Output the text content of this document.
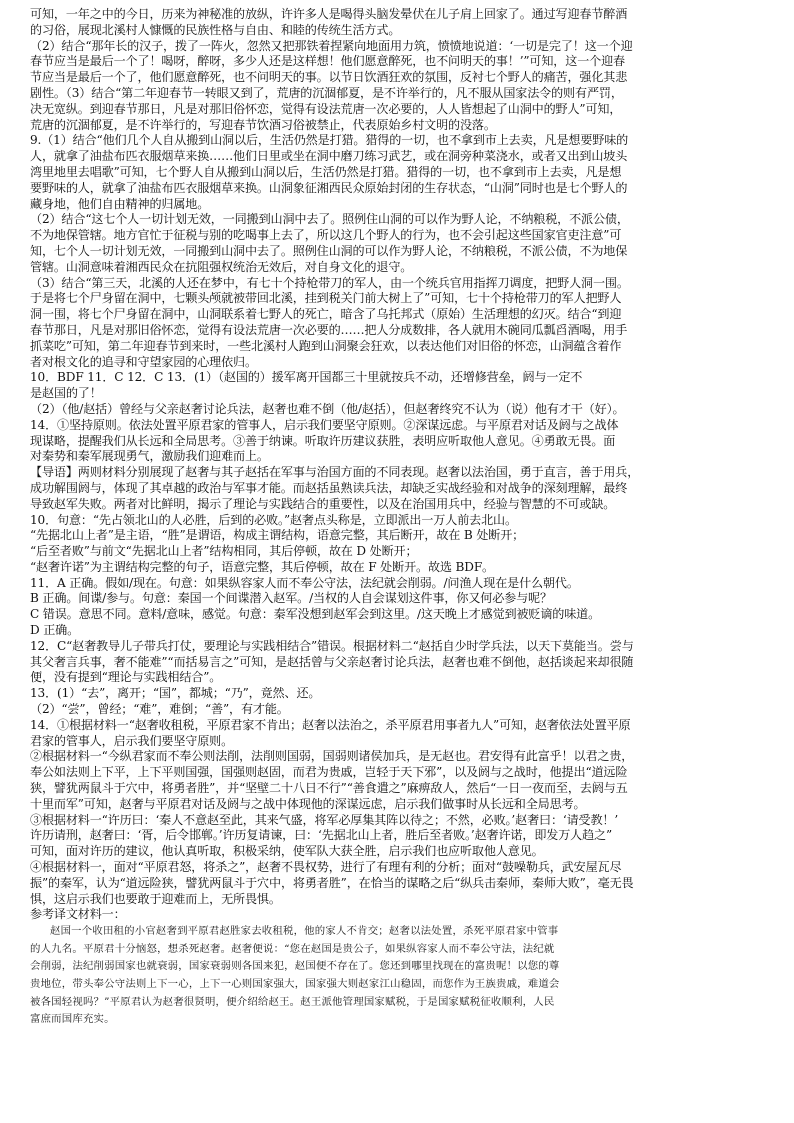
可知，一年之中的今日，历来为神秘准的放纵，许许多人是喝得头脑发晕伏在儿子肩上回家了。通过写迎春节醉酒
的习俗，展现北溪村人慷慨的民族性格与自由、和睦的传统生活方式。
（2）结合“那年长的汉子，拨了一阵火，忽然又把那铁着捏紧向地面用力筑，愤愤地说道：‘一切是完了！这一个迎
春节应当是最后一个了！喝呀，醉呀，多少人还是这样想！他们愿意醉死，也不问明天的事！’”可知，这一个迎春
节应当是最后一个了，他们愿意醉死，也不问明天的事。以节日饮酒狂欢的氛围，反衬七个野人的痛苦，强化其悲
剧性。（3）结合“第二年迎春节一转眼又到了，荒唐的沉涸郁夏，是不许举行的，凡不服从国家法令的则有严罚，
决无宽纵。到迎春节那日，凡是对那旧俗怀恋，觉得有设法荒唐一次必要的，人人皆想起了山洞中的野人”可知，
荒唐的沉涸郁夏，是不许举行的，写迎春节饮酒习俗被禁止，代表原始乡村文明的没落。
9.（1）结合“他们几个人自从搬到山洞以后，生活仍然是打猎。猎得的一切，也不拿到市上去卖，凡是想要野味的
人，就拿了油盐布匹衣服烟草来换……他们日里或坐在洞中磨刀练习武艺，或在洞旁种菜浇水，或者又出到山坡头
湾里地里去唱歌”可知，七个野人自从搬到山洞以后，生活仍然是打猎。猎得的一切，也不拿到市上去卖，凡是想
要野味的人，就拿了油盐布匹衣服烟草来换。山洞象征湘西民众原始封闭的生存状态，“山洞”同时也是七个野人的
藏身地，他们自由精神的归属地。
（2）结合“这七个人一切计划无效，一同搬到山洞中去了。照例住山洞的可以作为野人论，不纳粮税，不派公债，
不为地保管辖。地方官忙于征税与别的吃喝事上去了，所以这几个野人的行为，也不会引起这些国家官吏注意”可
知，七个人一切计划无效，一同搬到山洞中去了。照例住山洞的可以作为野人论，不纳粮税，不派公债，不为地保
管辖。山洞意味着湘西民众在抗阻强权统治无效后，对自身文化的退守。
（3）结合“第三天，北溪的人还在梦中，有七十个持枪带刀的军人，由一个统兵官用指挥刀调度，把野人洞一围。
于是将七个尸身留在洞中，七颗头颅就被带回北溪，挂到税关门前大树上了”可知，七十个持枪带刀的军人把野人
洞一围，将七个尸身留在洞中，山洞联系着七野人的死亡，暗含了乌托邦式（原始）生活理想的幻灭。结合“到迎
春节那日，凡是对那旧俗怀恋，觉得有设法荒唐一次必要的……把人分成数排，各人就用木碗同瓜瓢舀酒喝，用手
抓菜吃”可知，第二年迎春节到来时，一些北溪村人跑到山洞聚会狂欢，以表达他们对旧俗的怀恋，山洞蕴含着作
者对根文化的追寻和守望家园的心理依归。
10．BDF 11．C 12．C 13．(1）（赵国的）援军离开国都三十里就按兵不动，还增修营垒，阏与一定不
是赵国的了！
（2）（他/赵括）曾经与父亲赵奢讨论兵法，赵奢也难不倒（他/赵括），但赵奢终究不认为（说）他有才干（好）。
14．①坚持原则。依法处置平原君家的管事人，启示我们要坚守原则。②深谋远虑。与平原君对话及阏与之战体
现谋略，提醒我们从长远和全局思考。③善于纳谏。听取许历建议获胜，表明应听取他人意见。④勇敢无畏。面
对秦势和秦军展现勇气，激励我们迎难而上。
【导语】两则材料分别展现了赵奢与其子赵括在军事与治国方面的不同表现。赵奢以法治国，勇于直言，善于用兵，
成功解围阏与，体现了其卓越的政治与军事才能。而赵括虽熟读兵法，却缺乏实战经验和对战争的深刻理解，最终
导致赵军失败。两者对比鲜明，揭示了理论与实践结合的重要性，以及在治国用兵中，经验与智慧的不可或缺。
10．句意：“先占领北山的人必胜，后到的必败。”赵奢点头称是，立即派出一万人前去北山。
“先据北山上者”是主语，“胜”是谓语，构成主谓结构，语意完整，其后断开，故在 B 处断开；
“后至者败”与前文“先据北山上者”结构相同，其后停顿，故在 D 处断开；
“赵奢许诺”为主谓结构完整的句子，语意完整，其后停顿，故在 F 处断开。故选 BDF。
11．A 正确。假如/现在。句意：如果纵容家人而不奉公守法，法纪就会削弱。/问渔人现在是什么朝代。
B 正确。间谍/参与。句意：秦国一个间谍潜入赵军。/当权的人自会谋划这件事，你又何必参与呢？
C 错误。意思不同。意料/意味，感觉。句意：秦军没想到赵军会到这里。/这天晚上才感觉到被贬谪的味道。
D 正确。
12．C“赵奢教导儿子带兵打仗，要理论与实践相结合”错误。根据材料二“赵括自少时学兵法，以天下莫能当。尝与
其父奢言兵事，奢不能难”“而括易言之”可知，是赵括曾与父亲赵奢讨论兵法，赵奢也难不倒他，赵括谈起来却很随
便，没有提到“理论与实践相结合”。
13．(1）“去”，离开；“国”，都城；“乃”，竟然、还。
（2）“尝”，曾经；“难”，难倒；“善”，有才能。
14．①根据材料一“赵奢收租税，平原君家不肯出；赵奢以法治之，杀平原君用事者九人”可知，赵奢依法处置平原
君家的管事人，启示我们要坚守原则。
②根据材料一“今纵君家而不奉公则法削，法削则国弱，国弱则诸侯加兵，是无赵也。君安得有此富乎！以君之贵，
奉公如法则上下平，上下平则国强，国强则赵固，而君为贵戚，岂轻于天下邪”，以及阏与之战时，他提出“道远险
狭，譬犹两鼠斗于穴中，将勇者胜”，并“坚壁二十八日不行”“善食遣之”麻痹敌人，然后“一日一夜而至，去阏与五
十里而军”可知，赵奢与平原君对话及阏与之战中体现他的深谋远虑，启示我们做事时从长远和全局思考。
③根据材料一“许历曰：‘秦人不意赵至此，其来气盛，将军必厚集其阵以待之；不然，必败。’赵奢曰：‘请受教！’
许历请刑，赵奢曰：‘胥，后令邯郸。’许历复请谏，曰：‘先据北山上者，胜后至者败。’赵奢许诺，即发万人趋之”
可知，面对许历的建议，他认真听取，积极采纳，使军队大获全胜，启示我们也应听取他人意见。
④根据材料一，面对“平原君怒，将杀之”，赵奢不畏权势，进行了有理有利的分析；面对“鼓噪勒兵，武安屋瓦尽
振”的秦军，认为“道远险狭，譬犹两鼠斗于穴中，将勇者胜”，在恰当的谋略之后“纵兵击秦师，秦师大败”，毫无畏
惧，这启示我们也要敢于迎难而上，无所畏惧。
参考译文材料一：
赵国一个收田租的小官赵奢到平原君赵胜家去收租税，他的家人不肯交；赵奢以法处置，杀死平原君家中管事
的人九名。平原君十分恼怒，想杀死赵奢。赵奢便说：“您在赵国是贵公子，如果纵容家人而不奉公守法，法纪就
会削弱，法纪削弱国家也就衰弱，国家衰弱则各国来犯，赵国便不存在了。您还到哪里找现在的富贵呢！以您的尊
贵地位，带头奉公守法则上下一心，上下一心则国家强大，国家强大则赵家江山稳固，而您作为王族贵戚，难道会
被各国轻视吗？”平原君认为赵奢很贤明，便介绍给赵王。赵王派他管理国家赋税，于是国家赋税征收顺利，人民
富庶而国库充实。
